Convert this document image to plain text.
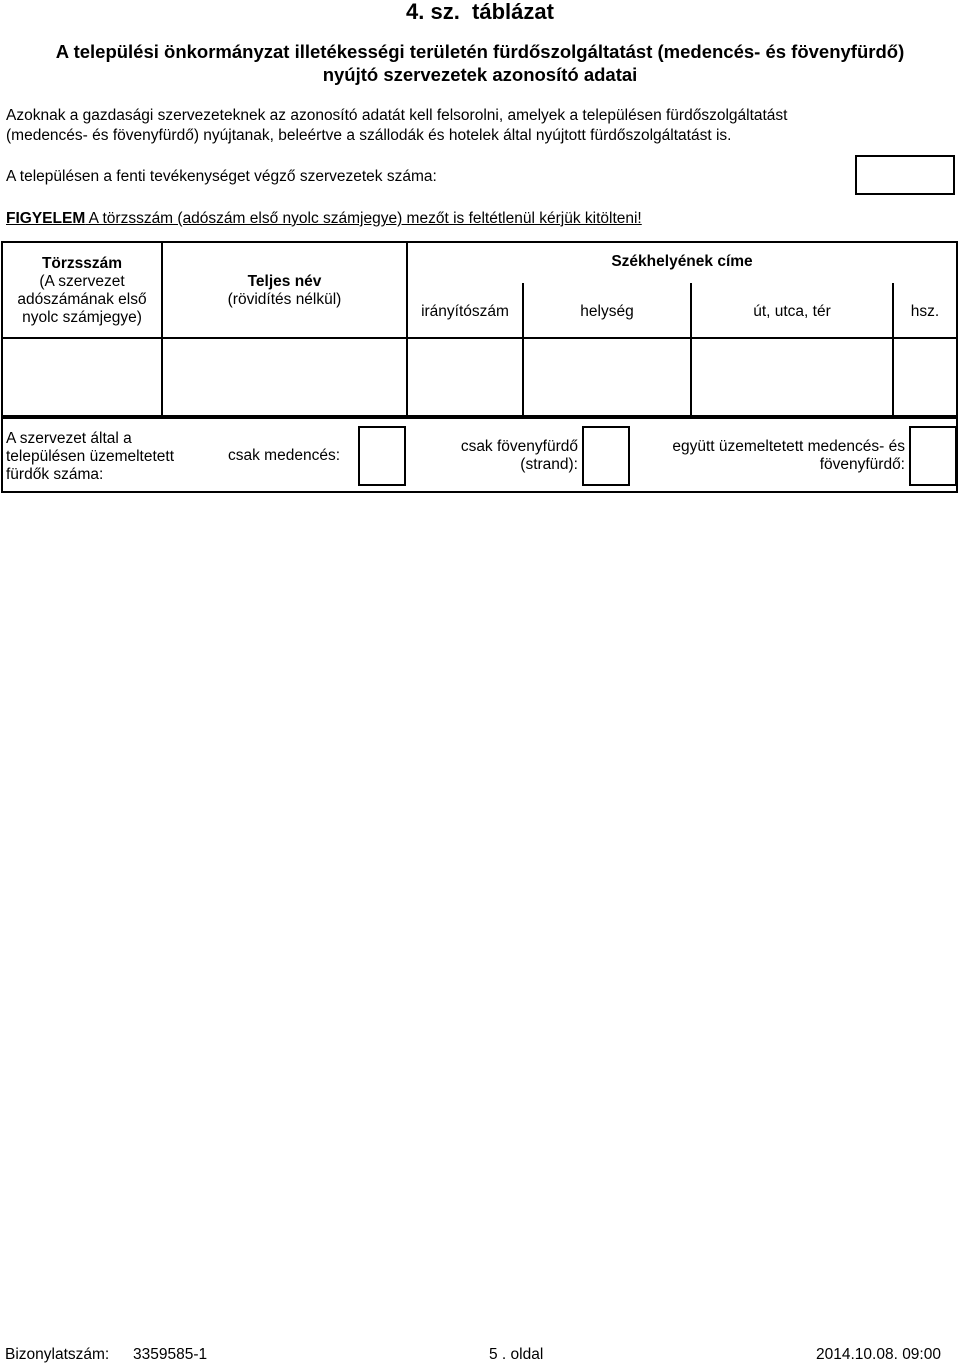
4. sz.  táblázat
A települési önkormányzat illetékességi területén fürdőszolgáltatást (medencés- és fövenyfürdő)
nyújtó szervezetek azonosító adatai
Azoknak a gazdasági szervezeteknek az azonosító adatát kell felsorolni, amelyek a településen fürdőszolgáltatást
(medencés- és fövenyfürdő) nyújtanak, beleértve a szállodák és hotelek által nyújtott fürdőszolgáltatást is.
A településen a fenti tevékenységet végző szervezetek száma:
FIGYELEM A törzsszám (adószám első nyolc számjegye) mezőt is feltétlenül kérjük kitölteni!
Törzsszám
(A szervezet
adószámának első
nyolc számjegye)
Teljes név
(rövidítés nélkül)
Székhelyének címe
irányítószám	helység	út, utca, tér	hsz.
A szervezet által a
településen üzemeltetett
fürdők száma:
csak medencés:
csak fövenyfürdő
(strand):
együtt üzemeltetett medencés- és
fövenyfürdő:
Bizonylatszám: 3359585-1	5 . oldal	2014.10.08. 09:00
